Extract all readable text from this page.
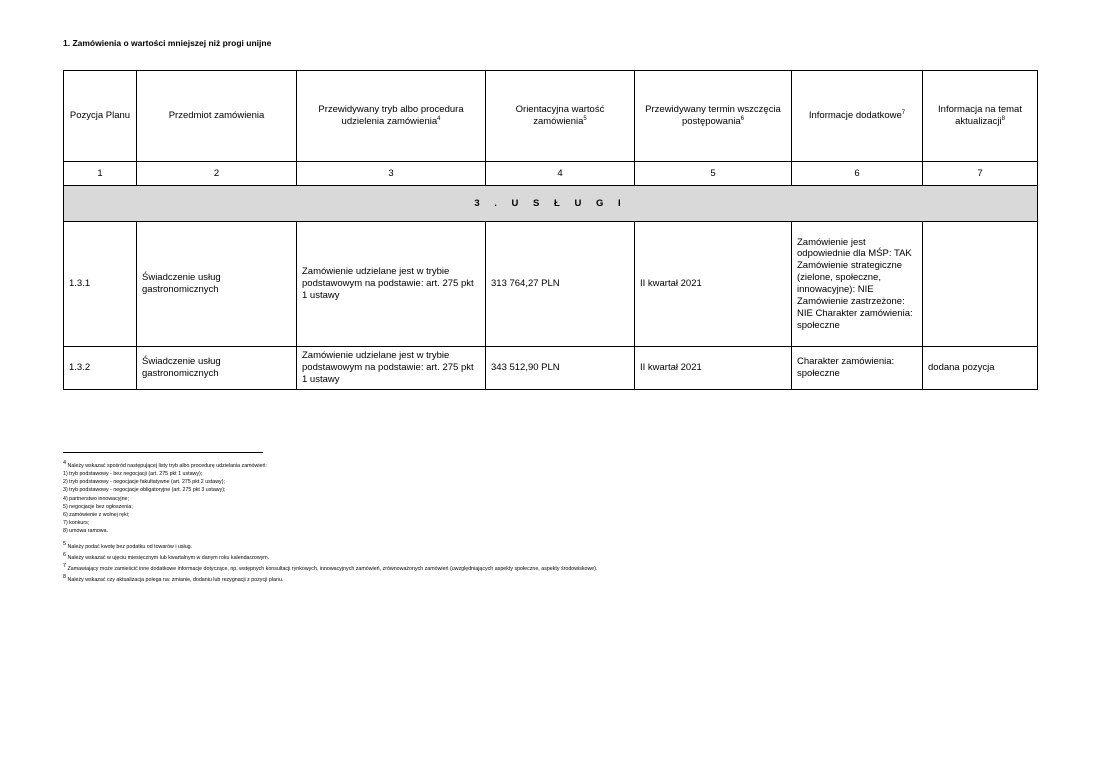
1. Zamówienia o wartości mniejszej niż progi unijne
Pozycja Planu	Przedmiot zamówienia	Przewidywany tryb albo procedura udzielenia zamówienia$^4$	Orientacyjna wartość zamówienia$^5$	Przewidywany termin wszczęcia postępowania$^6$	Informacje dodatkowe$^7$	Informacja na temat aktualizacji$^8$
1	2	3	4	5	6	7
3 . U S Ł U G I						
1.3.1	Świadczenie usług gastronomicznych	Zamówienie udzielane jest w trybie podstawowym na podstawie: art. 275 pkt 1 ustawy	313 764,27 PLN	II kwartał 2021	Zamówienie jest odpowiednie dla MŚP: TAK Zamówienie strategiczne (zielone, społeczne, innowacyjne): NIE Zamówienie zastrzeżone: NIE Charakter zamówienia: społeczne	
1.3.2	Świadczenie usług gastronomicznych	Zamówienie udzielane jest w trybie podstawowym na podstawie: art. 275 pkt 1 ustawy	343 512,90 PLN	II kwartał 2021	Charakter zamówienia: społeczne	dodana pozycja
$^4$ Należy wskazać spośród następującej listy tryb albo procedurę udzielania zamówień:
1) tryb podstawowy - bez negocjacji (art. 275 pkt 1 ustawy);
2) tryb podstawowy - negocjacje fakultatywne (art. 275 pkt 2 ustawy);
3) tryb podstawowy - negocjacje obligatoryjne (art. 275 pkt 3 ustawy);
4) partnerstwo innowacyjne;
5) negocjacje bez ogłoszenia;
6) zamówienie z wolnej ręki;
7) konkurs;
8) umowa ramowa.
$^5$ Należy podać kwotę bez podatku od towarów i usług.
$^6$ Należy wskazać w ujęciu miesięcznym lub kwartalnym w danym roku kalendarzowym.
$^7$ Zamawiający może zamieścić inne dodatkowe informacje dotyczące, np. wstępnych konsultacji rynkowych, innowacyjnych zamówień, zrównoważonych zamówień (uwzględniających aspekty społeczne, aspekty środowiskowe).
$^8$ Należy wskazać czy aktualizacja polega na: zmianie, dodaniu lub rezygnacji z pozycji planu.
